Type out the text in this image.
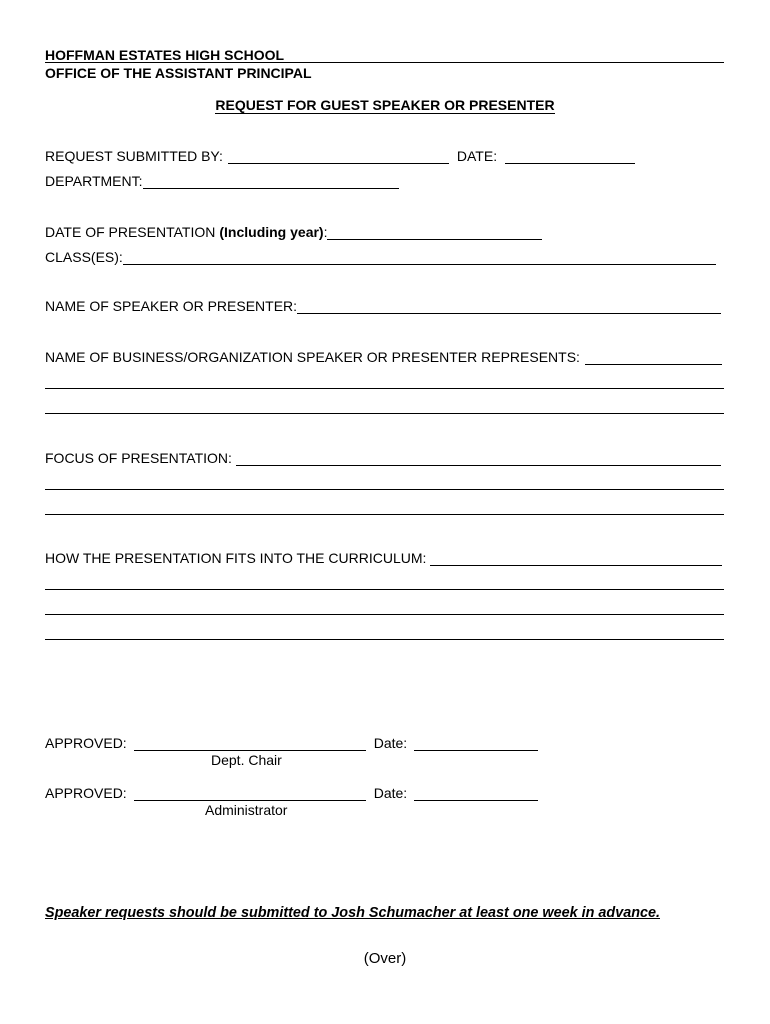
HOFFMAN ESTATES HIGH SCHOOL
OFFICE OF THE ASSISTANT PRINCIPAL
REQUEST FOR GUEST SPEAKER OR PRESENTER
REQUEST SUBMITTED BY:	DATE:
DEPARTMENT:
DATE OF PRESENTATION (Including year) :
CLASS(ES):
NAME OF SPEAKER OR PRESENTER:
NAME OF BUSINESS/ORGANIZATION SPEAKER OR PRESENTER REPRESENTS:
FOCUS OF PRESENTATION:
HOW THE PRESENTATION FITS INTO THE CURRICULUM:
APPROVED:	Date:
Dept. Chair
APPROVED:	Date:
Administrator
Speaker requests should be submitted to Josh Schumacher at least one week in advance.
(Over)
